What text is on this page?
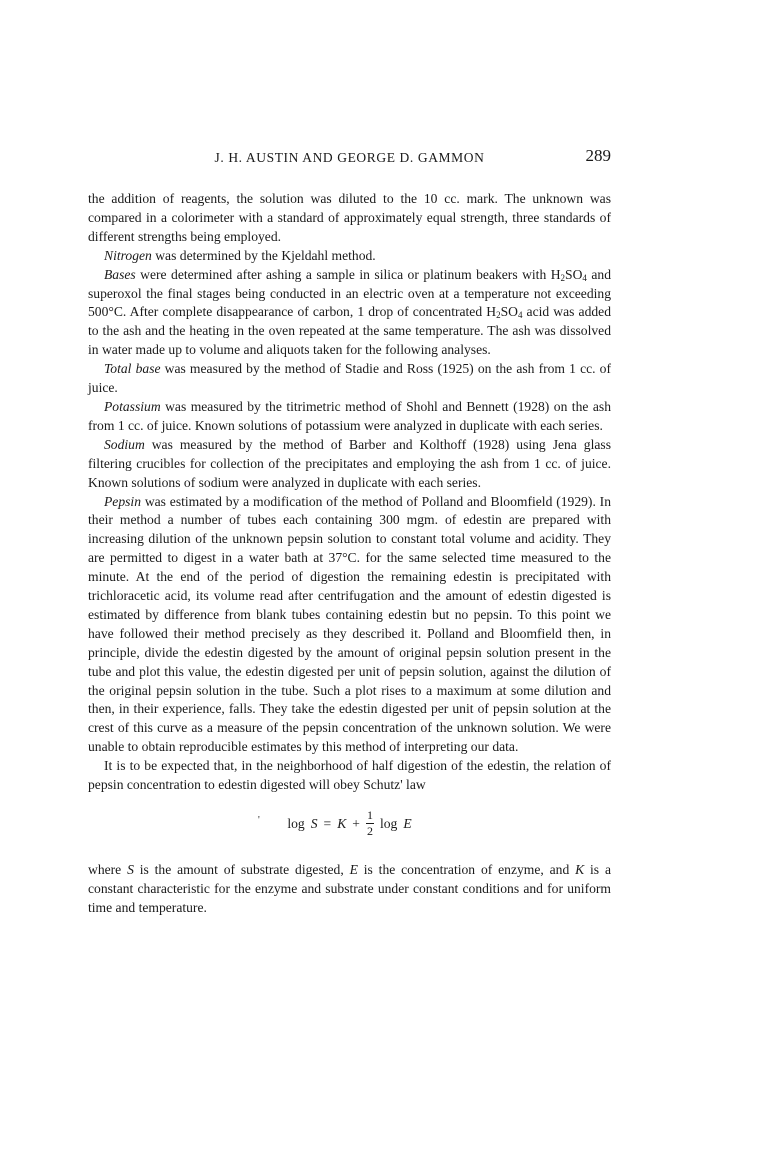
J. H. AUSTIN AND GEORGE D. GAMMON	289

the addition of reagents, the solution was diluted to the 10 cc. mark. The unknown was compared in a colorimeter with a standard of approximately equal strength, three standards of different strengths being employed.

Nitrogen was determined by the Kjeldahl method.

Bases were determined after ashing a sample in silica or platinum beakers with $H_2SO_4$ and superoxol the final stages being conducted in an electric oven at a temperature not exceeding 500°C. After complete disappearance of carbon, 1 drop of concentrated $H_2SO_4$ acid was added to the ash and the heating in the oven repeated at the same temperature. The ash was dissolved in water made up to volume and aliquots taken for the following analyses.

Total base was measured by the method of Stadie and Ross (1925) on the ash from 1 cc. of juice.

Potassium was measured by the titrimetric method of Shohl and Bennett (1928) on the ash from 1 cc. of juice. Known solutions of potassium were analyzed in duplicate with each series.

Sodium was measured by the method of Barber and Kolthoff (1928) using Jena glass filtering crucibles for collection of the precipitates and employing the ash from 1 cc. of juice. Known solutions of sodium were analyzed in duplicate with each series.

Pepsin was estimated by a modification of the method of Polland and Bloomfield (1929). In their method a number of tubes each containing 300 mgm. of edestin are prepared with increasing dilution of the unknown pepsin solution to constant total volume and acidity. They are permitted to digest in a water bath at 37°C. for the same selected time measured to the minute. At the end of the period of digestion the remaining edestin is precipitated with trichloracetic acid, its volume read after centrifugation and the amount of edestin digested is estimated by difference from blank tubes containing edestin but no pepsin. To this point we have followed their method precisely as they described it. Polland and Bloomfield then, in principle, divide the edestin digested by the amount of original pepsin solution present in the tube and plot this value, the edestin digested per unit of pepsin solution, against the dilution of the original pepsin solution in the tube. Such a plot rises to a maximum at some dilution and then, in their experience, falls. They take the edestin digested per unit of pepsin solution at the crest of this curve as a measure of the pepsin concentration of the unknown solution. We were unable to obtain reproducible estimates by this method of interpreting our data.

It is to be expected that, in the neighborhood of half digestion of the edestin, the relation of pepsin concentration to edestin digested will obey Schutz' law

' $\log S = K + \frac{1}{2}$ log E

where S is the amount of substrate digested, E is the concentration of enzyme, and K is a constant characteristic for the enzyme and substrate under constant conditions and for uniform time and temperature.
